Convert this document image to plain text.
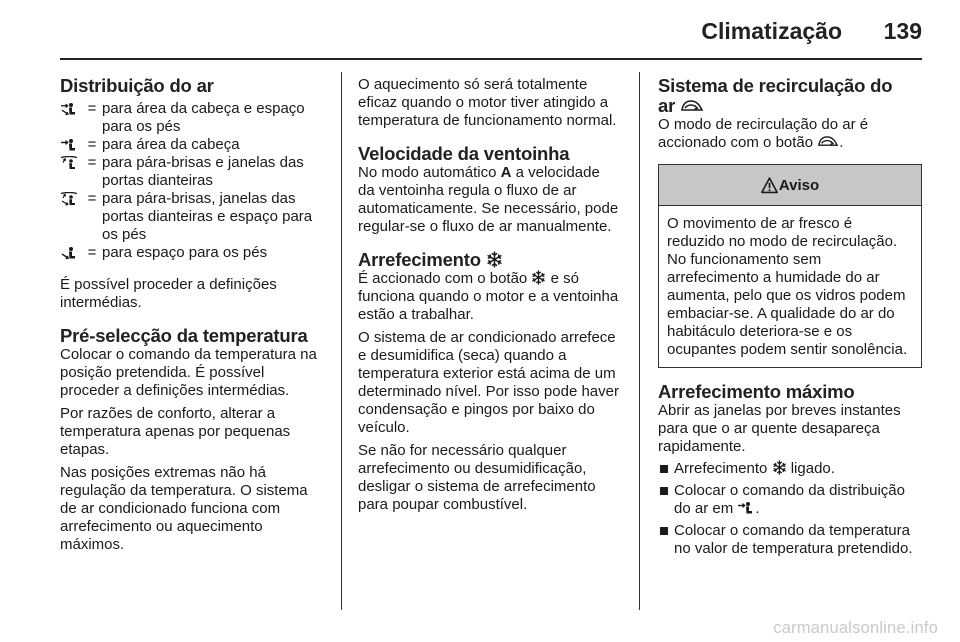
Climatização 139
Distribuição do ar
= para área da cabeça e espaço para os pés
= para área da cabeça
= para pára-brisas e janelas das portas dianteiras
= para pára-brisas, janelas das portas dianteiras e espaço para os pés
= para espaço para os pés

É possível proceder a definições intermédias.

Pré-selecção da temperatura

Colocar o comando da temperatura na posição pretendida. É possível proceder a definições intermédias.

Por razões de conforto, alterar a temperatura apenas por pequenas etapas.

Nas posições extremas não há regulação da temperatura. O sistema de ar condicionado funciona com arrefecimento ou aquecimento máximos.

O aquecimento só será totalmente eficaz quando o motor tiver atingido a temperatura de funcionamento normal.

Velocidade da ventoinha

No modo automático A a velocidade da ventoinha regula o fluxo de ar automaticamente. Se necessário, pode regular-se o fluxo de ar manualmente.

Arrefecimento

É accionado com o botão  e só funciona quando o motor e a ventoinha estão a trabalhar.

O sistema de ar condicionado arrefece e desumidifica (seca) quando a temperatura exterior está acima de um determinado nível. Por isso pode haver condensação e pingos por baixo do veículo.

Se não for necessário qualquer arrefecimento ou desumidificação, desligar o sistema de arrefecimento para poupar combustível.

Sistema de recirculação do
ar

O modo de recirculação do ar é accionado com o botão .

Aviso

O movimento de ar fresco é reduzido no modo de recirculação. No funcionamento sem arrefecimento a humidade do ar aumenta, pelo que os vidros podem embaciar-se. A qualidade do ar do habitáculo deteriora-se e os ocupantes podem sentir sonolência.

Arrefecimento máximo

Abrir as janelas por breves instantes para que o ar quente desapareça rapidamente.

Arrefecimento  ligado.
Colocar o comando da distribuição do ar em .
Colocar o comando da temperatura no valor de temperatura pretendido.
carmanualsonline.info
